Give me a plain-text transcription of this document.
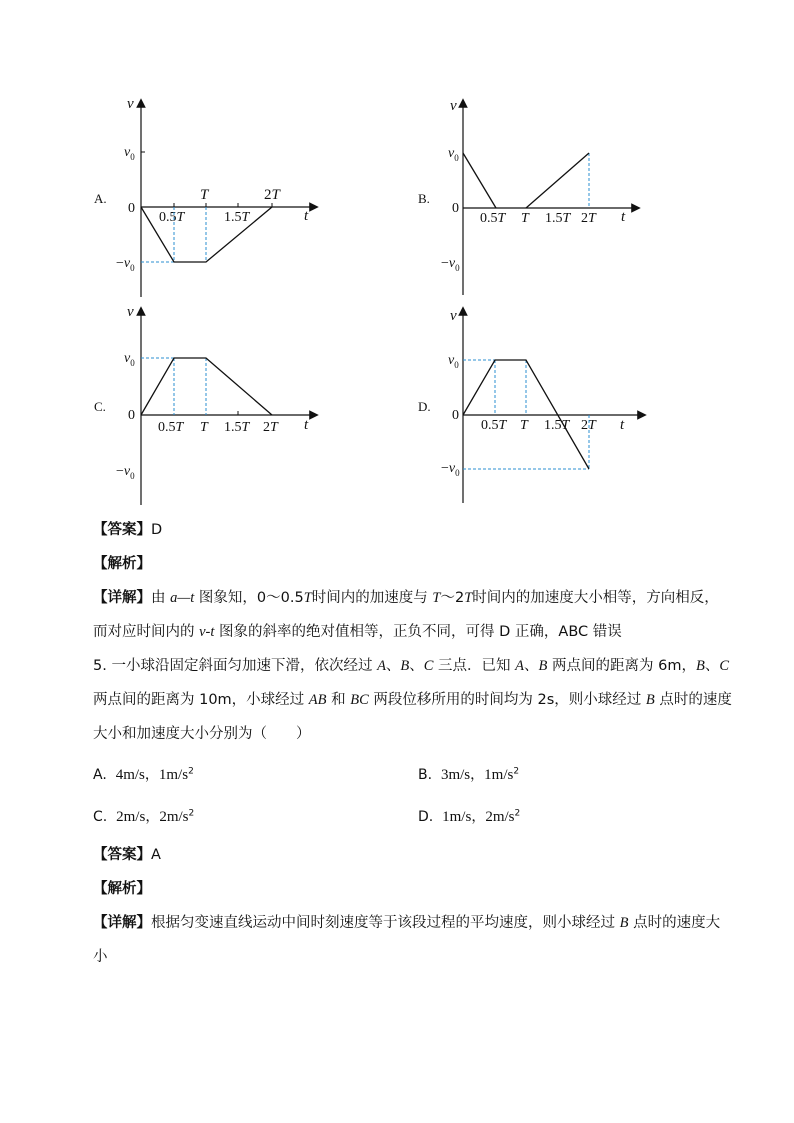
A.
v
t
0
$v_0$
$-v_0$
T	2T
0.5T	1.5T
B.
v
t
0
$v_0$
$-v_0$
0.5T T 1.5T 2T
C.
v
t
0
$v_0$
$-v_0$
0.5T T 1.5T 2T
D.
v
t
0
$v_0$
$-v_0$
0.5T T 1.5T 2T
【答案】D
【解析】
【详解】由 a—t 图象知，0～0.5T时间内的加速度与 T～2T时间内的加速度大小相等，方向相反，
而对应时间内的 v-t 图象的斜率的绝对值相等，正负不同，可得 D 正确，ABC 错误
5. 一小球沿固定斜面匀加速下滑，依次经过 A、B、C 三点．已知 A、B 两点间的距离为 6m，B、C
两点间的距离为 10m，小球经过 AB 和 BC 两段位移所用的时间均为 2s，则小球经过 B 点时的速度
大小和加速度大小分别为（　　）
A. 4m/s，$1m/s^2$	B. 3m/s，$1m/s^2$
C. 2m/s，$2m/s^2$	D. 1m/s，$2m/s^2$
【答案】A
【解析】
【详解】根据匀变速直线运动中间时刻速度等于该段过程的平均速度，则小球经过 B 点时的速度大
小
